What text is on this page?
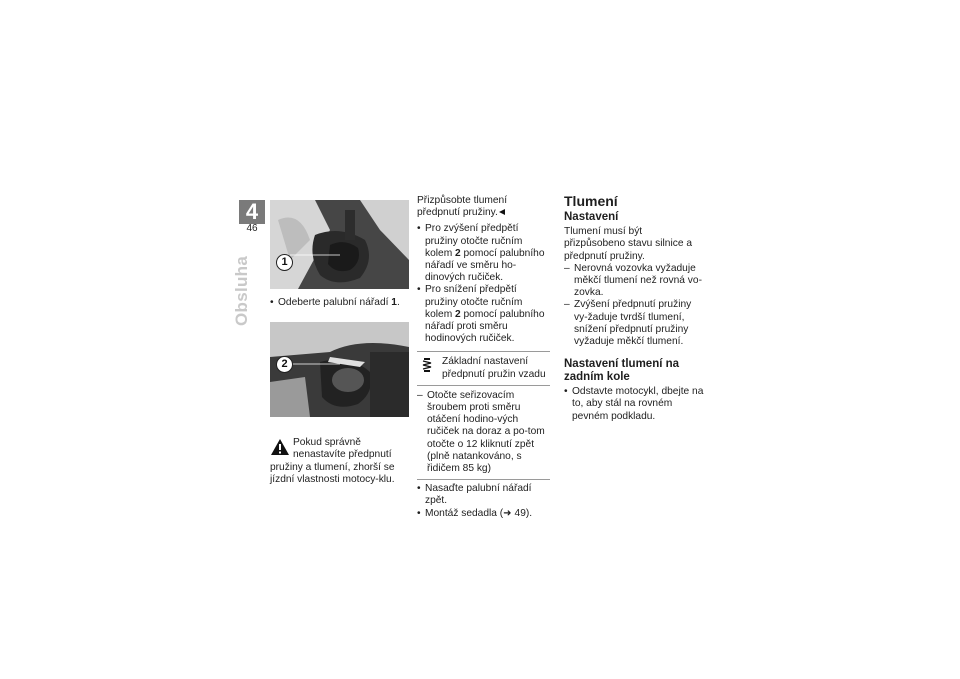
4
46
Obsluha	1
2

• Odeberte palubní nářadí 1.

Pokud správně nenastavíte předpnutí pružiny a tlumení, zhorší se jízdní vlastnosti motocy-klu.

Přizpůsobte tlumení předpnutí pružiny.

• Pro zvýšení předpětí pružiny otočte ručním kolem 2 pomocí palubního nářadí ve směru ho-dinových ručiček.

• Pro snížení předpětí pružiny otočte ručním kolem 2 pomocí palubního nářadí proti směru hodinových ručiček.

Základní nastavení předpnutí pružin vzadu

– Otočte seřizovacím šroubem proti směru otáčení hodino-vých ručiček na doraz a po-tom otočte o 12 kliknutí zpět (plně natankováno, s řidičem 85 kg)

• Nasaďte palubní nářadí zpět.

• Montáž sedadla (➜ 49).

Tlumení
Nastavení

Tlumení musí být přizpůsobeno stavu silnice a předpnutí pružiny.

– Nerovná vozovka vyžaduje měkčí tlumení než rovná vo-zovka.

– Zvýšení předpnutí pružiny vy-žaduje tvrdší tlumení, snížení předpnutí pružiny vyžaduje měkčí tlumení.

Nastavení tlumení na zadním kole

• Odstavte motocykl, dbejte na to, aby stál na rovném pevném podkladu.
